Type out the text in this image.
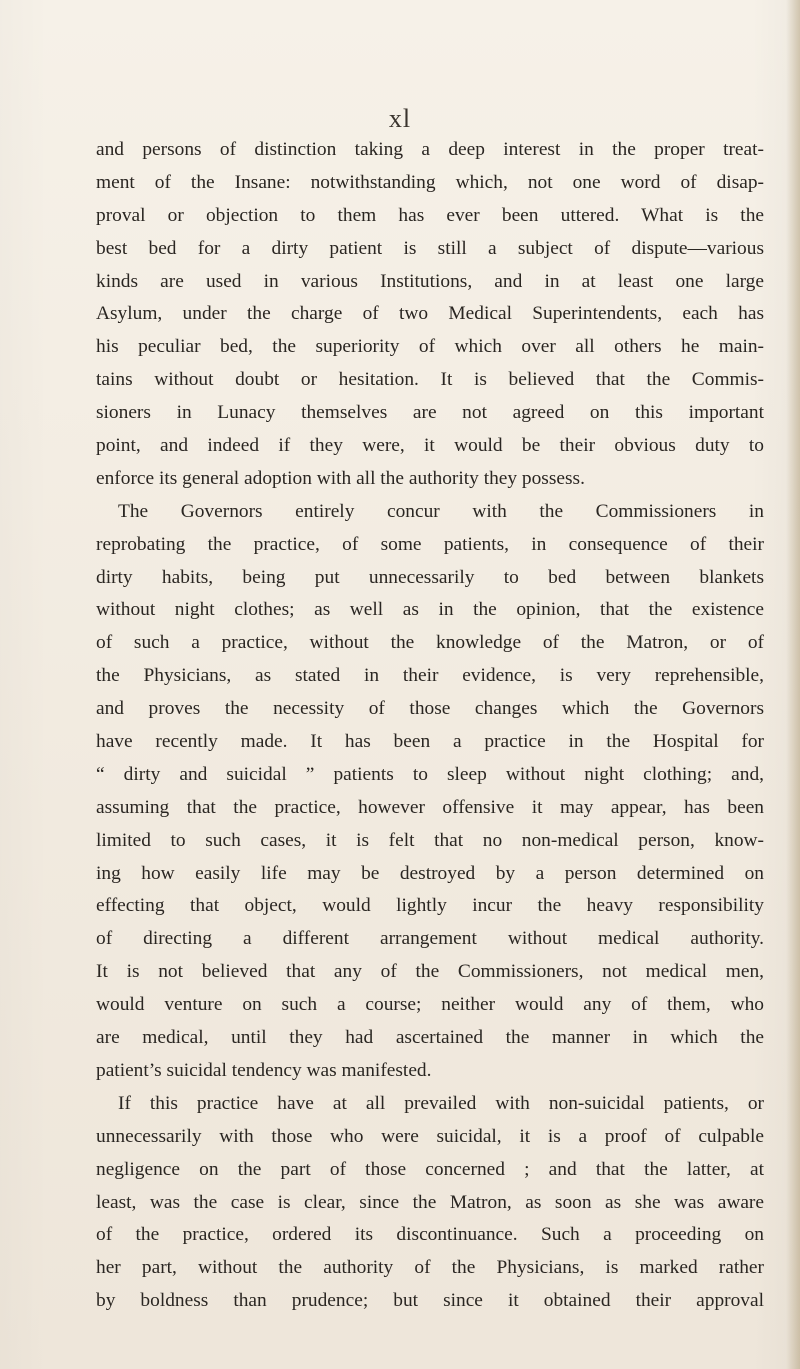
xl
and persons of distinction taking a deep interest in the proper treat-
ment of the Insane: notwithstanding which, not one word of disap-
proval or objection to them has ever been uttered. What is the
best bed for a dirty patient is still a subject of dispute—various
kinds are used in various Institutions, and in at least one large
Asylum, under the charge of two Medical Superintendents, each has
his peculiar bed, the superiority of which over all others he main-
tains without doubt or hesitation. It is believed that the Commis-
sioners in Lunacy themselves are not agreed on this important
point, and indeed if they were, it would be their obvious duty to
enforce its general adoption with all the authority they possess.
The Governors entirely concur with the Commissioners in
reprobating the practice, of some patients, in consequence of their
dirty habits, being put unnecessarily to bed between blankets
without night clothes; as well as in the opinion, that the existence
of such a practice, without the knowledge of the Matron, or of
the Physicians, as stated in their evidence, is very reprehensible,
and proves the necessity of those changes which the Governors
have recently made. It has been a practice in the Hospital for
“ dirty and suicidal ” patients to sleep without night clothing; and,
assuming that the practice, however offensive it may appear, has been
limited to such cases, it is felt that no non-medical person, know-
ing how easily life may be destroyed by a person determined on
effecting that object, would lightly incur the heavy responsibility
of directing a different arrangement without medical authority.
It is not believed that any of the Commissioners, not medical men,
would venture on such a course; neither would any of them, who
are medical, until they had ascertained the manner in which the
patient’s suicidal tendency was manifested.
If this practice have at all prevailed with non-suicidal patients, or
unnecessarily with those who were suicidal, it is a proof of culpable
negligence on the part of those concerned ; and that the latter, at
least, was the case is clear, since the Matron, as soon as she was aware
of the practice, ordered its discontinuance. Such a proceeding on
her part, without the authority of the Physicians, is marked rather
by boldness than prudence; but since it obtained their approval
